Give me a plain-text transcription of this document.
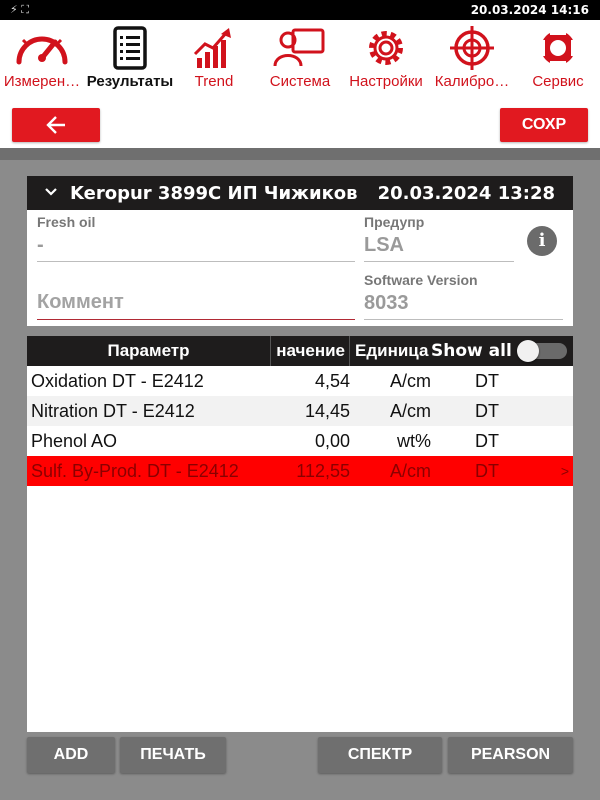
⚡ ⛶	20.03.2024 14:16
Измерен… Результаты	Trend	Система	Настройки Калибро…	Сервис
СОХР
Keropur 3899C ИП Чижиков 20.03.2024 13:28
Fresh oil
-
Предупр
LSA	i
Коммент
Software Version
8033
Параметр	начение Единица Show all
Oxidation DT - E2412	4,54	A/cm	DT
Nitration DT - E2412	14,45	A/cm	DT
Phenol AO	0,00	wt%	DT
Sulf. By-Prod. DT - E2412	112,55	A/cm	DT	>
ADD	ПЕЧАТЬ	СПЕКТР	PEARSON
